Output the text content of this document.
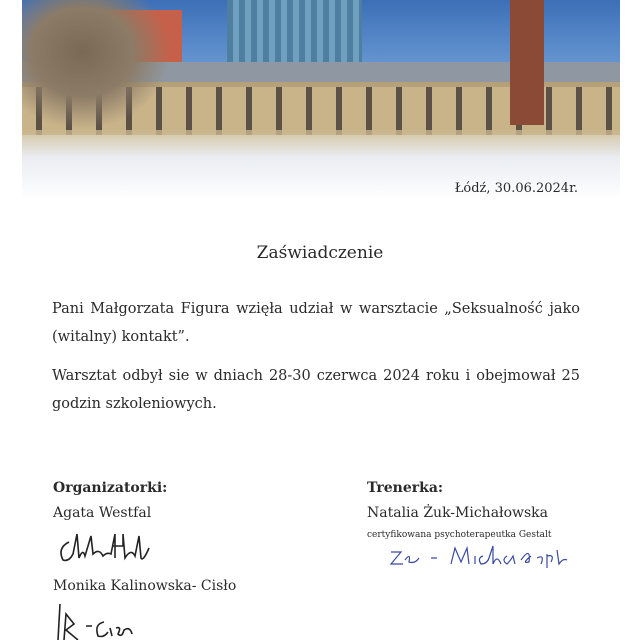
Łódź, 30.06.2024r.
Zaświadczenie
Pani Małgorzata Figura wzięła udział w warsztacie „Seksualność jako (witalny) kontakt”.
Warsztat odbył sie w dniach 28-30 czerwca 2024 roku i obejmował 25 godzin szkoleniowych.
Organizatorki:
Agata Westfal
Monika Kalinowska- Cisło
Trenerka:
Natalia Żuk-Michałowska
certyfikowana psychoterapeutka Gestalt
